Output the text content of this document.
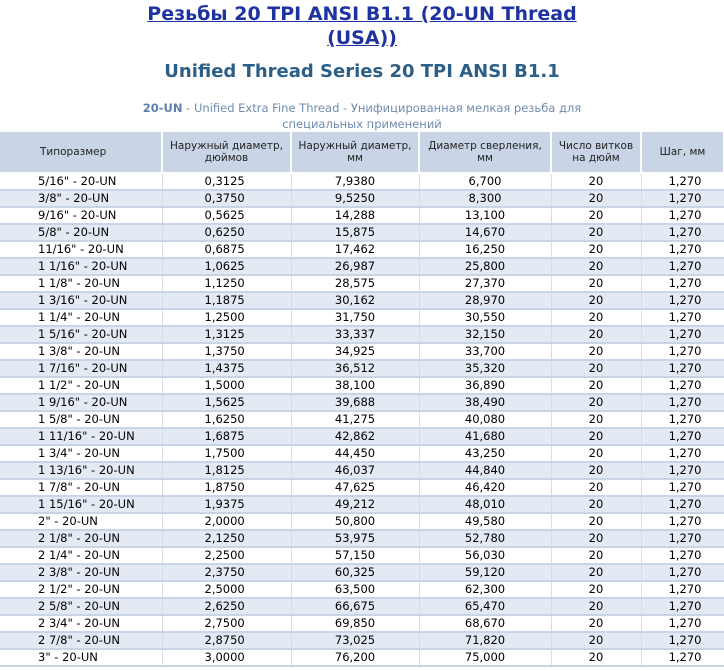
Резьбы 20 TPI ANSI B1.1 (20-UN Thread
(USA))
Unified Thread Series 20 TPI ANSI B1.1
20-UN - Unified Extra Fine Thread - Унифицированная мелкая резьба для
специальных применений
Типоразмер	Наружный диаметр, дюймов	Наружный диаметр, мм	Диаметр сверления, мм	Число витков на дюйм	Шаг, мм
5/16" - 20-UN	0,3125	7,9380	6,700	20	1,270
3/8" - 20-UN	0,3750	9,5250	8,300	20	1,270
9/16" - 20-UN	0,5625	14,288	13,100	20	1,270
5/8" - 20-UN	0,6250	15,875	14,670	20	1,270
11/16" - 20-UN	0,6875	17,462	16,250	20	1,270
1 1/16" - 20-UN	1,0625	26,987	25,800	20	1,270
1 1/8" - 20-UN	1,1250	28,575	27,370	20	1,270
1 3/16" - 20-UN	1,1875	30,162	28,970	20	1,270
1 1/4" - 20-UN	1,2500	31,750	30,550	20	1,270
1 5/16" - 20-UN	1,3125	33,337	32,150	20	1,270
1 3/8" - 20-UN	1,3750	34,925	33,700	20	1,270
1 7/16" - 20-UN	1,4375	36,512	35,320	20	1,270
1 1/2" - 20-UN	1,5000	38,100	36,890	20	1,270
1 9/16" - 20-UN	1,5625	39,688	38,490	20	1,270
1 5/8" - 20-UN	1,6250	41,275	40,080	20	1,270
1 11/16" - 20-UN	1,6875	42,862	41,680	20	1,270
1 3/4" - 20-UN	1,7500	44,450	43,250	20	1,270
1 13/16" - 20-UN	1,8125	46,037	44,840	20	1,270
1 7/8" - 20-UN	1,8750	47,625	46,420	20	1,270
1 15/16" - 20-UN	1,9375	49,212	48,010	20	1,270
2" - 20-UN	2,0000	50,800	49,580	20	1,270
2 1/8" - 20-UN	2,1250	53,975	52,780	20	1,270
2 1/4" - 20-UN	2,2500	57,150	56,030	20	1,270
2 3/8" - 20-UN	2,3750	60,325	59,120	20	1,270
2 1/2" - 20-UN	2,5000	63,500	62,300	20	1,270
2 5/8" - 20-UN	2,6250	66,675	65,470	20	1,270
2 3/4" - 20-UN	2,7500	69,850	68,670	20	1,270
2 7/8" - 20-UN	2,8750	73,025	71,820	20	1,270
3" - 20-UN	3,0000	76,200	75,000	20	1,270
